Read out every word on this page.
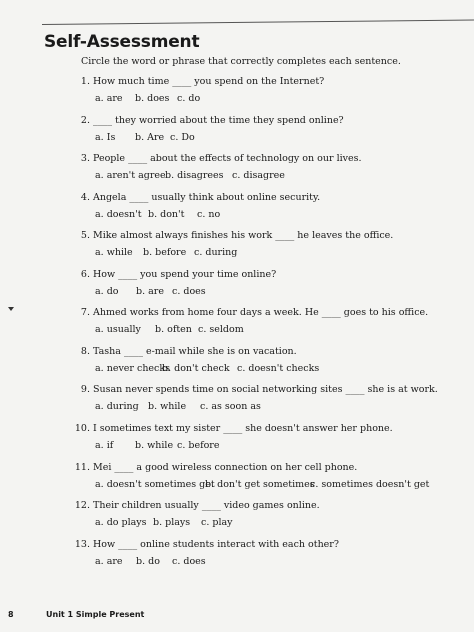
Self-Assessment

Circle the word or phrase that correctly completes each sentence.

1. How much time ____ you spend on the Internet?
a. are b. does c. do
2. ____ they worried about the time they spend online?
a. Is b. Are c. Do
3. People ____ about the effects of technology on our lives.
a. aren't agree b. disagrees c. disagree
4. Angela ____ usually think about online security.
a. doesn't b. don't c. no
5. Mike almost always finishes his work ____ he leaves the office.
a. while b. before c. during
6. How ____ you spend your time online?
a. do b. are c. does
7. Ahmed works from home four days a week. He ____ goes to his office.
a. usually b. often c. seldom
8. Tasha ____ e-mail while she is on vacation.
a. never checks
b. don't check c. doesn't checks
9. Susan never spends time on social networking sites ____ she is at work.
a. during b. while c. as soon as
10. I sometimes text my sister ____ she doesn't answer her phone.
a. if b. while c. before
11. Mei ____ a good wireless connection on her cell phone.
a. doesn't sometimes get
b. don't get sometimes
c. sometimes doesn't get
12. Their children usually ____ video games online.
a. do plays b. plays c. play
13. How ____ online students interact with each other?
a. are b. do c. does
8	Unit 1 Simple Present
